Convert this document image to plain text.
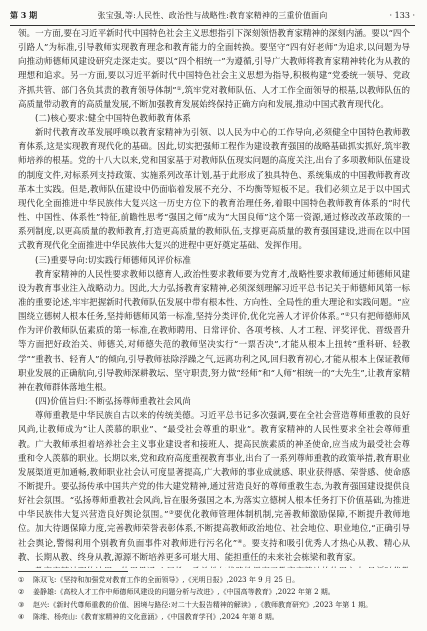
第 3 期	张宝强,等:人民性、政治性与战略性:教育家精神的三重价值面向	· 133 ·

领。一方面,要在习近平新时代中国特色社会主义思想指引下深刻领悟教育家精神的深刻内涵。要以“四个引路人”为标准,引导教师实现教育理念和教育能力的全面转换。要坚守“四有好老师”为追求,以问题为导向推动师德师风建设研究走深走实。要以“四个相统一”为遵循,引导广大教师将教育家精神转化为从教的理想和追求。另一方面,要以习近平新时代中国特色社会主义思想为指导,积极构建“党委统一领导、党政齐抓共管、部门各负其责的教育领导体制”①,筑牢党对教师队伍、人才工作全面领导的根基,以教师队伍的高质量带动教育的高质量发展,不断加强教育发展始终保持正确方向和发展,推动中国式教育现代化。

(二)核心要求:健全中国特色教师教育体系

新时代教育改革发展呼唤以教育家精神为引领、以人民为中心的工作导向,必须健全中国特色教师教育体系,这是实现教育现代化的基础。因此,切实把强师工程作为建设教育强国的战略基础抓实抓好,筑牢教师培养的根基。党的十八大以来,党和国家基于对教师队伍现实问题的高度关注,出台了多项教师队伍建设的制度文件,对标系列支持政策、实施系列改革计划,基于此形成了独具特色、系统集成的中国教师教育改革本土实践。但是,教师队伍建设中仍面临着发展不充分、不均衡等短板不足。我们必须立足于以中国式现代化全面推进中华民族伟大复兴这一历史方位下的教育治理任务,着眼中国特色教师教育体系的“时代性、中国性、体系性”特征,前瞻性思考“强国之师”成为“大国良师”这个第一资源,通过修改改革政策的一系列制度,以更高质量的教师教育,打造更高质量的教师队伍,支撑更高质量的教育强国建设,进而在以中国式教育现代化全面推进中华民族伟大复兴的进程中更好奠定基础、发挥作用。

(三)重要导向:切实践行师德师风评价标准

教育家精神的人民性要求教师以德育人,政治性要求教师要为党育才,战略性要求教师通过师德师风建设为教育事业注入战略动力。因此,大力弘扬教育家精神,必须深刻理解习近平总书记关于师德师风第一标准的重要论述,牢牢把握新时代教师队伍发展中带有根本性、方向性、全局性的重大理论和实践问题。“应围绕立德树人根本任务,坚持师德师风第一标准,坚持分类评价,优化完善人才评价体系。”②只有把师德师风作为评价教师队伍素质的第一标准,在教师聘用、日常评价、各项考核、人才工程、评奖评优、晋级晋升等方面把好政治关、师德关,对师德失范的教师坚决实行“一票否决”,才能从根本上扭转“重科研、轻教学”“重教书、轻育人”的倾向,引导教师祛除浮躁之气,远离功利之风,回归教育初心,才能从根本上保证教师职业发展的正确航向,引导教师深耕教坛、坚守职责,努力做“经师”和“人师”相统一的“大先生”,让教育家精神在教师群体落地生根。

(四)价值旨归:不断弘扬尊师重教社会风尚

尊师重教是中华民族自古以来的传统美德。习近平总书记多次强调,要在全社会营造尊师重教的良好风尚,让教师成为“让人羡慕的职业”、“最受社会尊重的职业”。教育家精神的人民性要求全社会尊师重教。广大教师承担着培养社会主义事业建设者和接班人、提高民族素质的神圣使命,应当成为最受社会尊重和令人羡慕的职业。长期以来,党和政府高度重视教育事业,出台了一系列尊师重教的政策举措,教育职业发展渠道更加通畅,教师职业社会认可度显著提高,广大教师的事业成就感、职业获得感、荣誉感、使命感不断提升。要弘扬传承中国共产党的伟大建党精神,通过营造良好的尊师重教生态,为教育强国建设提供良好社会氛围。“弘扬尊师重教社会风尚,旨在服务强国之本,为落实立德树人根本任务打下价值基础,为推进中华民族伟大复兴营造良好舆论氛围。”③要优化教师管理体制机制,完善教师激励保障,不断提升教师地位。加大待遇保障力度,完善教师荣誉表彰体系,不断提高教师政治地位、社会地位、职业地位,“正确引导社会舆论,警惕利用个别教育负面事件对教师进行污名化”④。要支持和吸引优秀人才热心从教、精心从教、长期从教、终身从教,源源不断培养更多可堪大用、能担重任的未来社会栋梁和教育家。

① 陈双飞:《坚持和加强党对教育工作的全面领导》,《光明日报》,2023 年 9 月 25 日。
② 姜静雄:《高校人才工作中师德师风建设的问题分析与改进》,《中国高等教育》,2022 年第 2 期。
③ 赵兴:《新时代尊师重教的价值、困境与路径:对二十大报告精神的解读》,《教师教育研究》,2023 年第 1 期。
④ 陈维、杨亮山:《教育家精神的文化意涵》,《中国教育学刊》,2024 年第 8 期。
